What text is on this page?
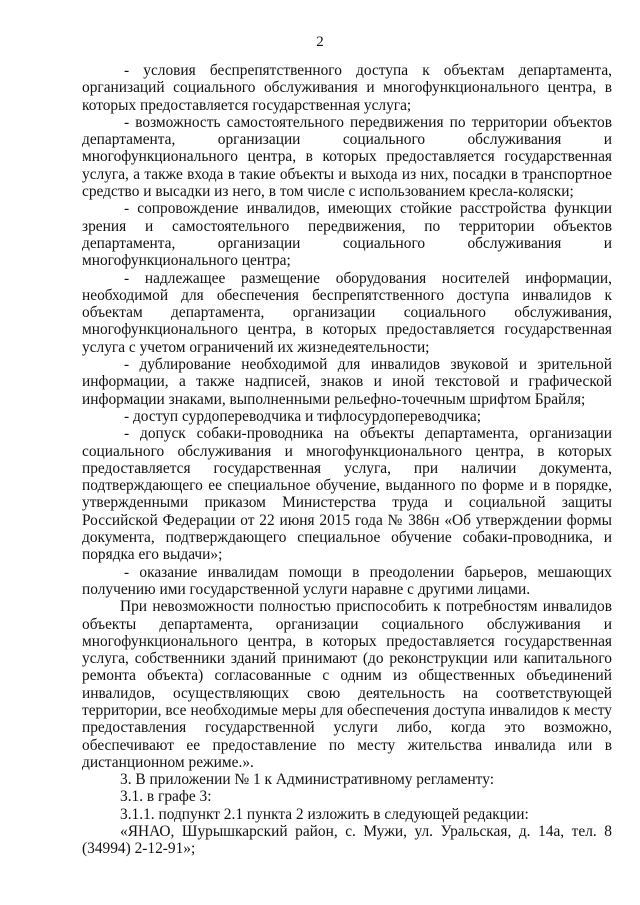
2

- условия беспрепятственного доступа к объектам департамента, организаций социального обслуживания и многофункционального центра, в которых предоставляется государственная услуга;

- возможность самостоятельного передвижения по территории объектов департамента, организации социального обслуживания и многофункционального центра, в которых предоставляется государственная услуга, а также входа в такие объекты и выхода из них, посадки в транспортное средство и высадки из него, в том числе с использованием кресла-коляски;

- сопровождение инвалидов, имеющих стойкие расстройства функции зрения и самостоятельного передвижения, по территории объектов департамента, организации социального обслуживания и многофункционального центра;

- надлежащее размещение оборудования носителей информации, необходимой для обеспечения беспрепятственного доступа инвалидов к объектам департамента, организации социального обслуживания, многофункционального центра, в которых предоставляется государственная услуга с учетом ограничений их жизнедеятельности;

- дублирование необходимой для инвалидов звуковой и зрительной информации, а также надписей, знаков и иной текстовой и графической информации знаками, выполненными рельефно-точечным шрифтом Брайля;

- доступ сурдопереводчика и тифлосурдопереводчика;

- допуск собаки-проводника на объекты департамента, организации социального обслуживания и многофункционального центра, в которых предоставляется государственная услуга, при наличии документа, подтверждающего ее специальное обучение, выданного по форме и в порядке, утвержденными приказом Министерства труда и социальной защиты Российской Федерации от 22 июня 2015 года № 386н «Об утверждении формы документа, подтверждающего специальное обучение собаки-проводника, и порядка его выдачи»;

- оказание инвалидам помощи в преодолении барьеров, мешающих получению ими государственной услуги наравне с другими лицами.

При невозможности полностью приспособить к потребностям инвалидов объекты департамента, организации социального обслуживания и многофункционального центра, в которых предоставляется государственная услуга, собственники зданий принимают (до реконструкции или капитального ремонта объекта) согласованные с одним из общественных объединений инвалидов, осуществляющих свою деятельность на соответствующей территории, все необходимые меры для обеспечения доступа инвалидов к месту предоставления государственной услуги либо, когда это возможно, обеспечивают ее предоставление по месту жительства инвалида или в дистанционном режиме.».

3. В приложении № 1 к Административному регламенту:

3.1. в графе 3:

3.1.1. подпункт 2.1 пункта 2 изложить в следующей редакции:

«ЯНАО, Шурышкарский район, с. Мужи, ул. Уральская, д. 14а, тел. 8 (34994) 2-12-91»;
